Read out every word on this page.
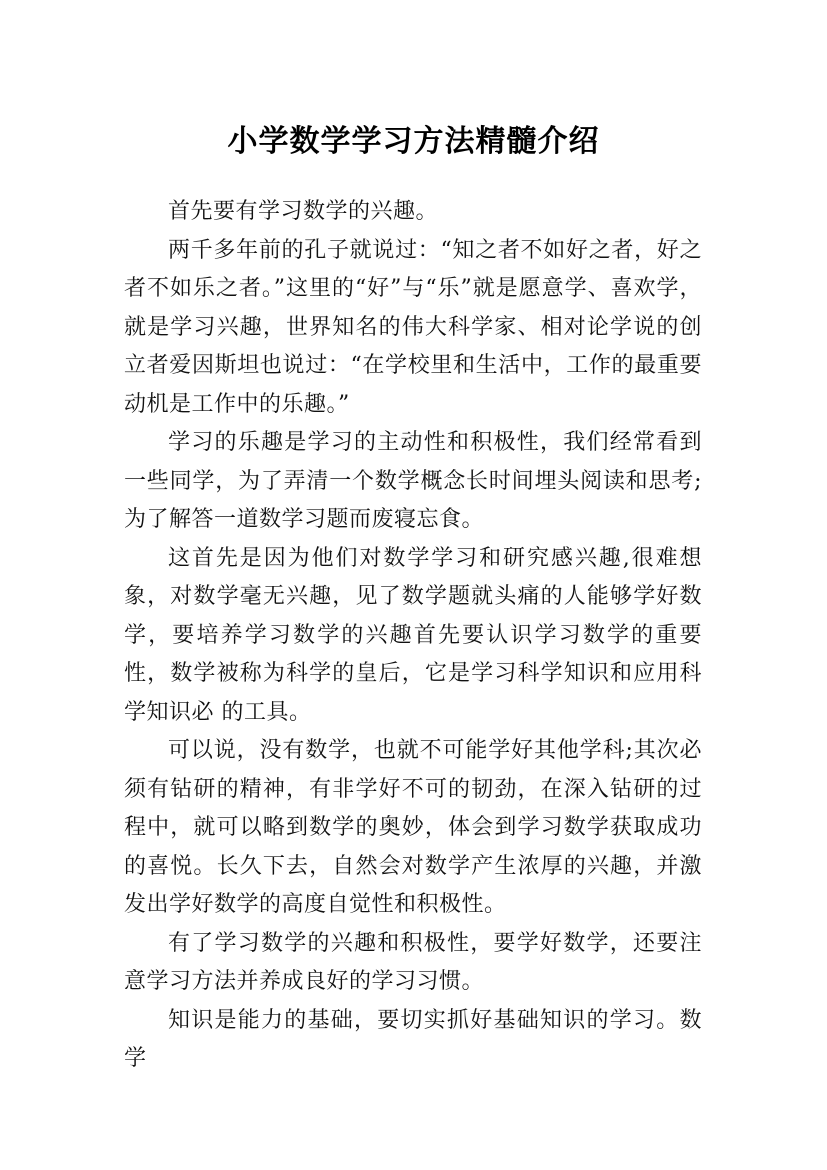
小学数学学习方法精髓介绍

首先要有学习数学的兴趣。

两千多年前的孔子就说过：“知之者不如好之者，好之者不如乐之者。”这里的“好”与“乐”就是愿意学、喜欢学，就是学习兴趣，世界知名的伟大科学家、相对论学说的创立者爱因斯坦也说过：“在学校里和生活中，工作的最重要动机是工作中的乐趣。”

学习的乐趣是学习的主动性和积极性，我们经常看到一些同学，为了弄清一个数学概念长时间埋头阅读和思考;为了解答一道数学习题而废寝忘食。

这首先是因为他们对数学学习和研究感兴趣,很难想象，对数学毫无兴趣，见了数学题就头痛的人能够学好数学，要培养学习数学的兴趣首先要认识学习数学的重要性，数学被称为科学的皇后，它是学习科学知识和应用科学知识必 的工具。

可以说，没有数学，也就不可能学好其他学科;其次必须有钻研的精神，有非学好不可的韧劲，在深入钻研的过程中，就可以略到数学的奥妙，体会到学习数学获取成功的喜悦。长久下去，自然会对数学产生浓厚的兴趣，并激发出学好数学的高度自觉性和积极性。

有了学习数学的兴趣和积极性，要学好数学，还要注意学习方法并养成良好的学习习惯。

知识是能力的基础，要切实抓好基础知识的学习。数学
